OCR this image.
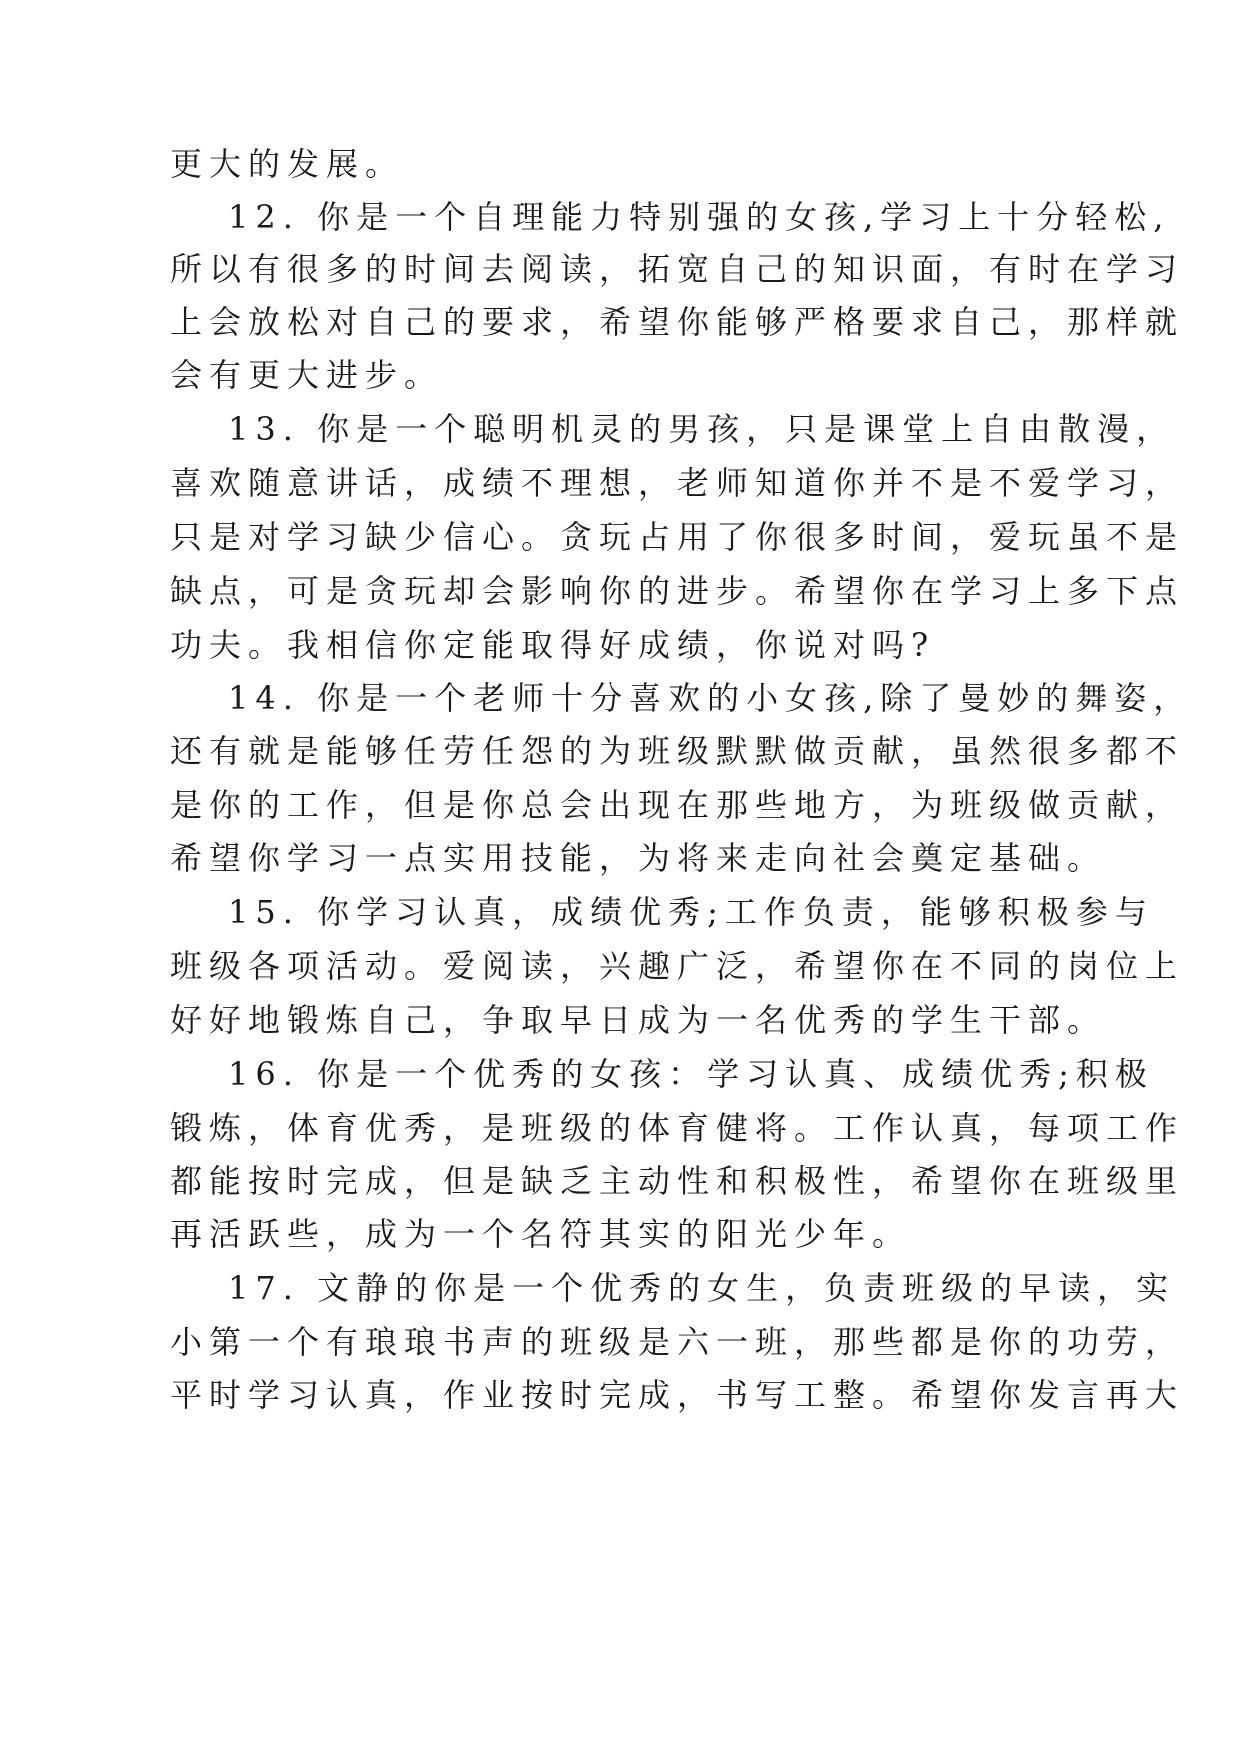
更大的发展。
12. 你是一个自理能力特别强的女孩,学习上十分轻松,
所以有很多的时间去阅读，拓宽自己的知识面，有时在学习
上会放松对自己的要求，希望你能够严格要求自己，那样就
会有更大进步。
13. 你是一个聪明机灵的男孩，只是课堂上自由散漫，
喜欢随意讲话，成绩不理想，老师知道你并不是不爱学习，
只是对学习缺少信心。贪玩占用了你很多时间，爱玩虽不是
缺点，可是贪玩却会影响你的进步。希望你在学习上多下点
功夫。我相信你定能取得好成绩，你说对吗?
14. 你是一个老师十分喜欢的小女孩,除了曼妙的舞姿，
还有就是能够任劳任怨的为班级默默做贡献，虽然很多都不
是你的工作，但是你总会出现在那些地方，为班级做贡献，
希望你学习一点实用技能，为将来走向社会奠定基础。
15. 你学习认真，成绩优秀;工作负责，能够积极参与
班级各项活动。爱阅读，兴趣广泛，希望你在不同的岗位上
好好地锻炼自己，争取早日成为一名优秀的学生干部。
16. 你是一个优秀的女孩：学习认真、成绩优秀;积极
锻炼，体育优秀，是班级的体育健将。工作认真，每项工作
都能按时完成，但是缺乏主动性和积极性，希望你在班级里
再活跃些，成为一个名符其实的阳光少年。
17. 文静的你是一个优秀的女生，负责班级的早读，实
小第一个有琅琅书声的班级是六一班，那些都是你的功劳，
平时学习认真，作业按时完成，书写工整。希望你发言再大
